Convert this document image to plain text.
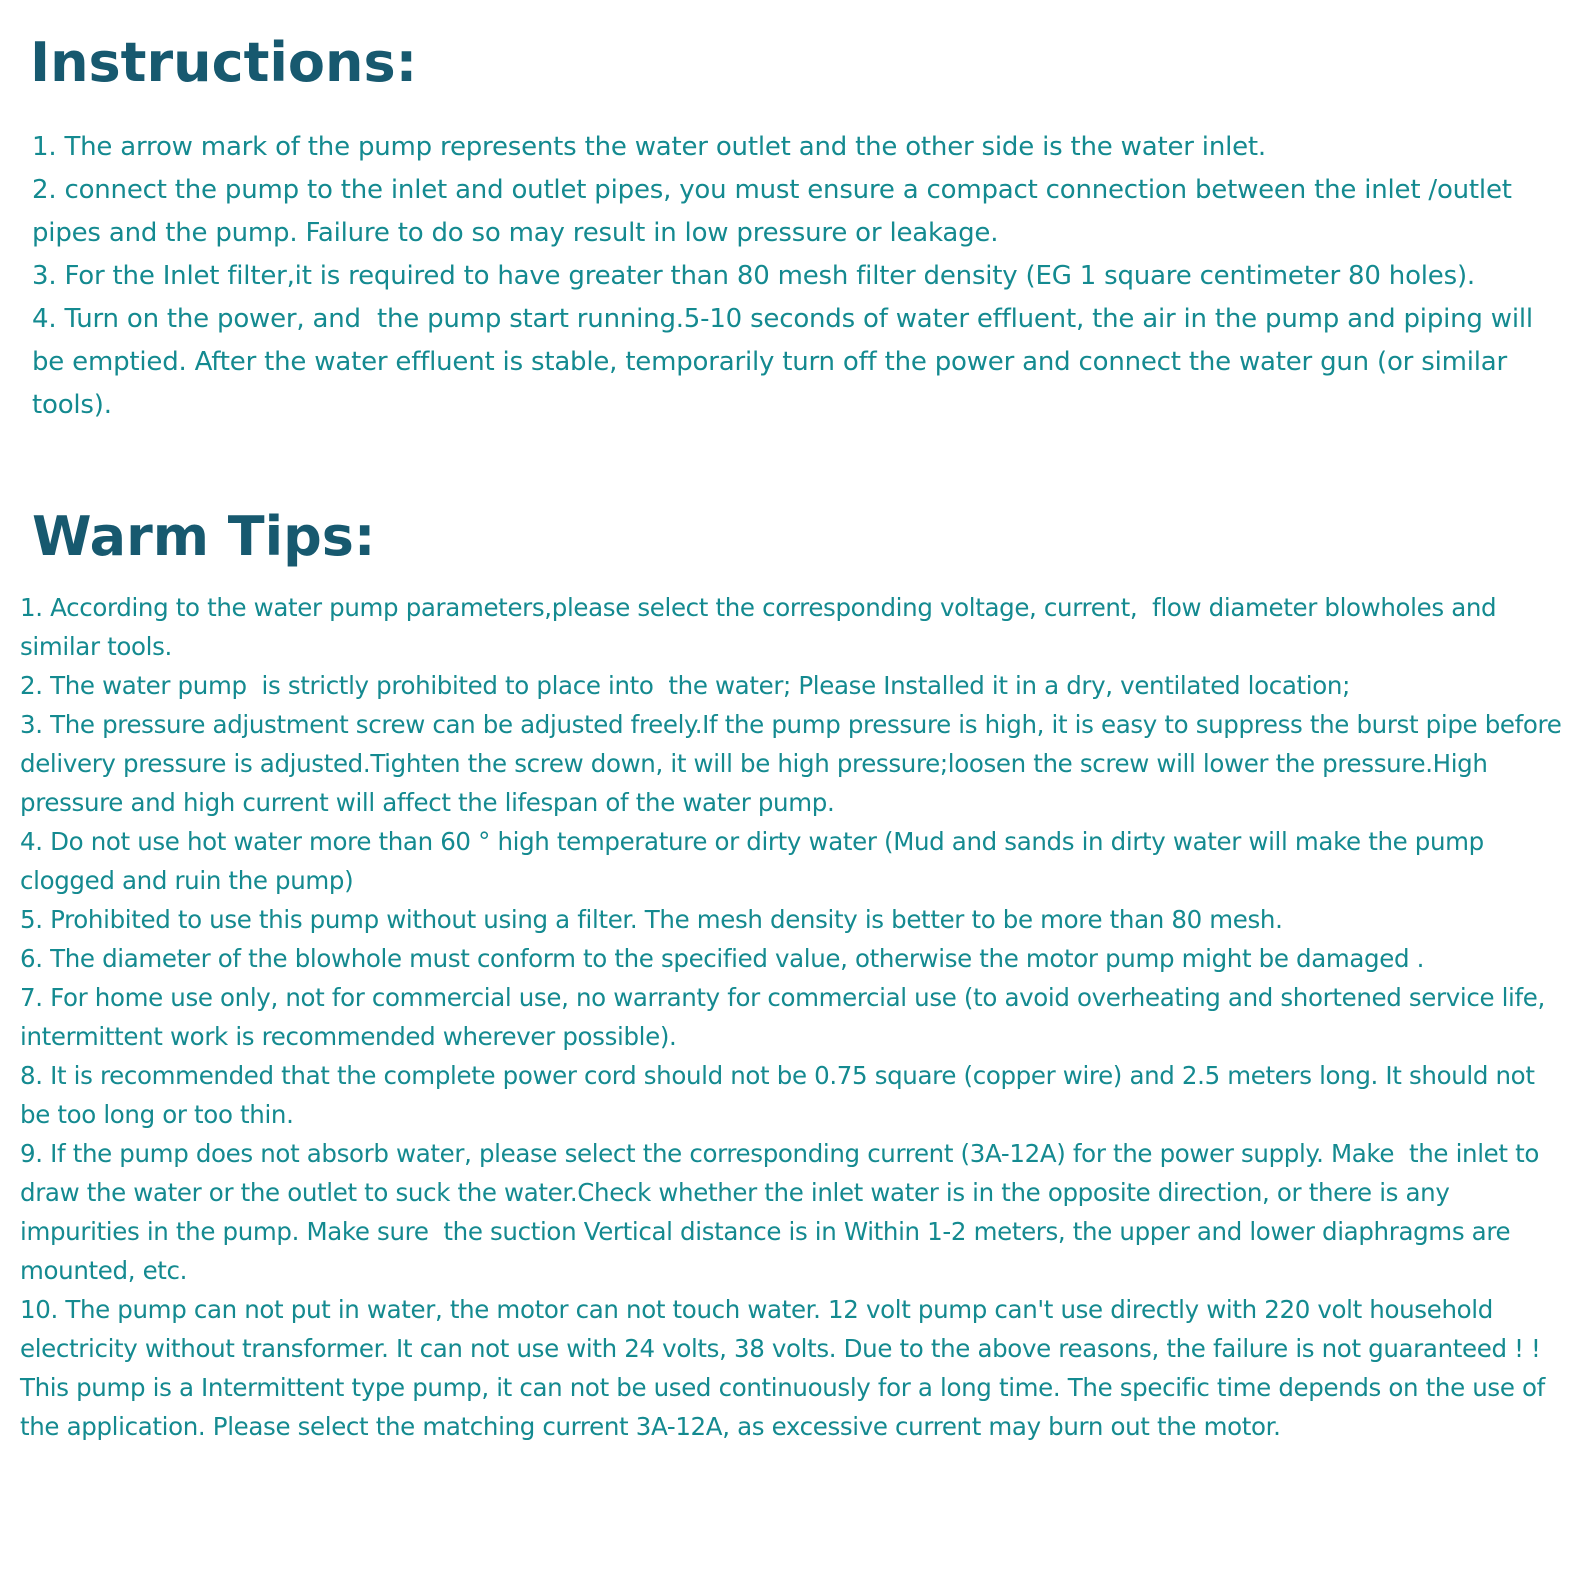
Instructions:
1. The arrow mark of the pump represents the water outlet and the other side is the water inlet.
2. connect the pump to the inlet and outlet pipes, you must ensure a compact connection between the inlet /outlet pipes and the pump. Failure to do so may result in low pressure or leakage.
3. For the Inlet filter,it is required to have greater than 80 mesh filter density (EG 1 square centimeter 80 holes).
4. Turn on the power, and  the pump start running.5-10 seconds of water effluent, the air in the pump and piping will be emptied. After the water effluent is stable, temporarily turn off the power and connect the water gun (or similar tools).
Warm Tips:
1. According to the water pump parameters,please select the corresponding voltage, current,  flow diameter blowholes and similar tools.
2. The water pump  is strictly prohibited to place into  the water; Please Installed it in a dry, ventilated location;
3. The pressure adjustment screw can be adjusted freely.If the pump pressure is high, it is easy to suppress the burst pipe before delivery pressure is adjusted.Tighten the screw down, it will be high pressure;loosen the screw will lower the pressure.High pressure and high current will affect the lifespan of the water pump.
4. Do not use hot water more than 60 ° high temperature or dirty water (Mud and sands in dirty water will make the pump clogged and ruin the pump)
5. Prohibited to use this pump without using a filter. The mesh density is better to be more than 80 mesh.
6. The diameter of the blowhole must conform to the specified value, otherwise the motor pump might be damaged .
7. For home use only, not for commercial use, no warranty for commercial use (to avoid overheating and shortened service life, intermittent work is recommended wherever possible).
8. It is recommended that the complete power cord should not be 0.75 square (copper wire) and 2.5 meters long. It should not be too long or too thin.
9. If the pump does not absorb water, please select the corresponding current (3A-12A) for the power supply. Make  the inlet to draw the water or the outlet to suck the water.Check whether the inlet water is in the opposite direction, or there is any impurities in the pump. Make sure  the suction Vertical distance is in Within 1-2 meters, the upper and lower diaphragms are mounted, etc.
10. The pump can not put in water, the motor can not touch water. 12 volt pump can't use directly with 220 volt household electricity without transformer. It can not use with 24 volts, 38 volts. Due to the above reasons, the failure is not guaranteed ! ! This pump is a Intermittent type pump, it can not be used continuously for a long time. The specific time depends on the use of the application. Please select the matching current 3A-12A, as excessive current may burn out the motor.
